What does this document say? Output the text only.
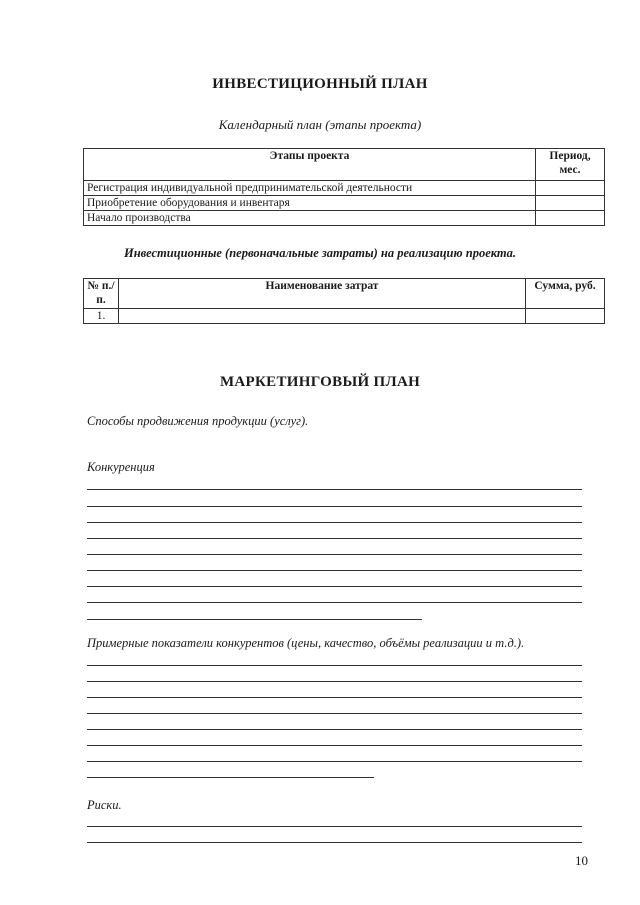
ИНВЕСТИЦИОННЫЙ ПЛАН
Календарный план (этапы проекта)
Этапы проекта	Период, мес.
Регистрация индивидуальной предпринимательской деятельности	
Приобретение оборудования и инвентаря	
Начало производства	
Инвестиционные (первоначальные затраты) на реализацию проекта.
№ п./п.	Наименование затрат	Сумма, руб.
1.		
МАРКЕТИНГОВЫЙ ПЛАН
Способы продвижения продукции (услуг).
Конкуренция
Примерные показатели конкурентов (цены, качество, объёмы реализации и т.д.).
Риски.
10
